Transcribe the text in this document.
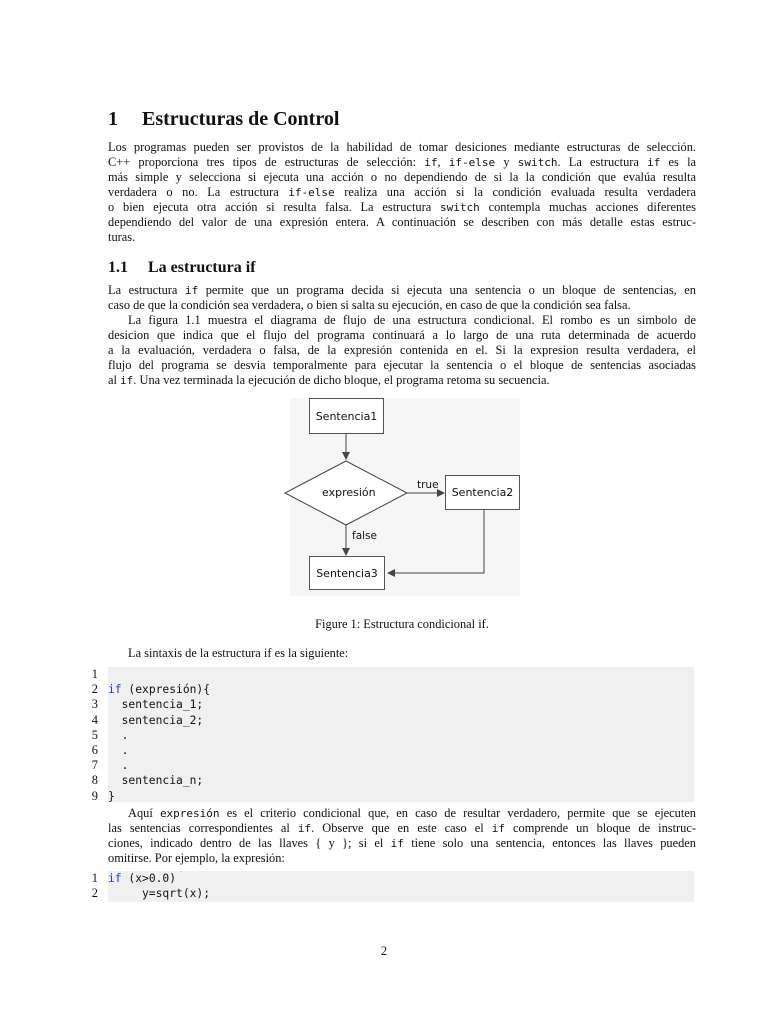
1 Estructuras de Control
Los programas pueden ser provistos de la habilidad de tomar desiciones mediante estructuras de selección.
C++ proporciona tres tipos de estructuras de selección: if, if-else y switch. La estructura if es la
más simple y selecciona si ejecuta una acción o no dependiendo de si la la condición que evalúa resulta
verdadera o no. La estructura if-else realiza una acción si la condición evaluada resulta verdadera
o bien ejecuta otra acción si resulta falsa. La estructura switch contempla muchas acciones diferentes
dependiendo del valor de una expresión entera. A continuación se describen con más detalle estas estruc-
turas.
1.1 La estructura if
La estructura if permite que un programa decida si ejecuta una sentencia o un bloque de sentencias, en
caso de que la condición sea verdadera, o bien si salta su ejecución, en caso de que la condición sea falsa.
La figura 1.1 muestra el diagrama de flujo de una estructura condicional. El rombo es un simbolo de
desicion que indica que el flujo del programa continuará a lo largo de una ruta determinada de acuerdo
a la evaluación, verdadera o falsa, de la expresión contenida en el. Si la expresion resulta verdadera, el
flujo del programa se desvia temporalmente para ejecutar la sentencia o el bloque de sentencias asociadas
al if. Una vez terminada la ejecución de dicho bloque, el programa retoma su secuencia.
Sentencia1
expresión
true
Sentencia2
false
Sentencia3
Figure 1: Estructura condicional if.
La sintaxis de la estructura if es la siguiente:
1
2 if (expresión){
3 sentencia_1;
4 sentencia_2;
5 .
6 .
7 .
8 sentencia_n;
9 }
Aquí expresión es el criterio condicional que, en caso de resultar verdadero, permite que se ejecuten
las sentencias correspondientes al if. Observe que en este caso el if comprende un bloque de instruc-
ciones, indicado dentro de las llaves { y }; si el if tiene solo una sentencia, entonces las llaves pueden
omitirse. Por ejemplo, la expresión:
1 if (x>0.0)
2 y=sqrt(x);
2
